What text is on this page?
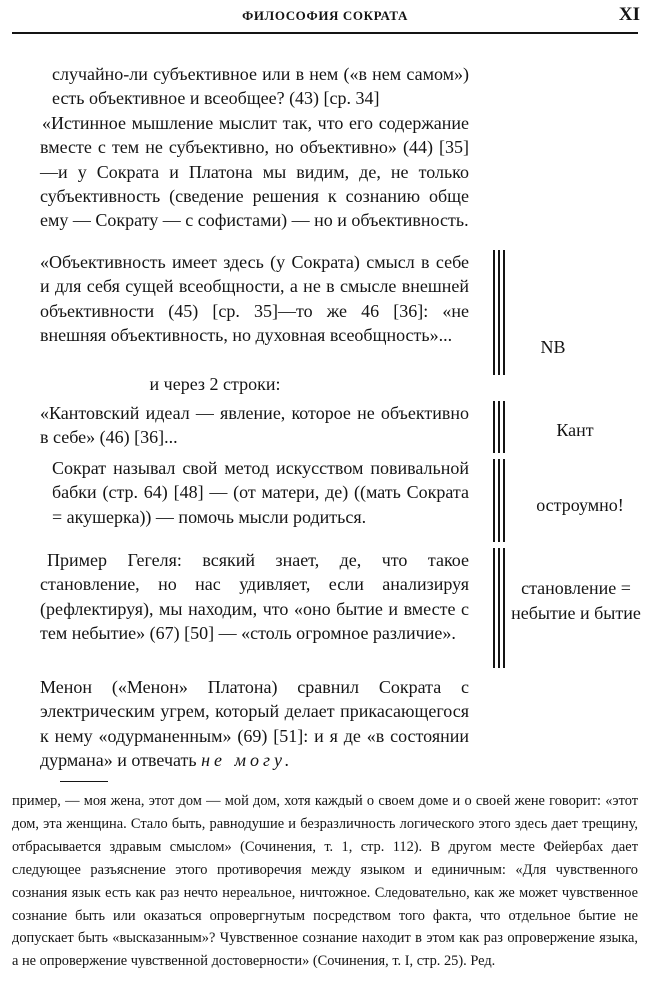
ФИЛОСОФИЯ СОКРАТА	XI

случайно-ли субъективное или в нем («в нем самом») есть объективное и всеобщее? (43) [ср. 34]

«Истинное мышление мыслит так, что его содержание вместе с тем не субъективно, но объективно» (44) [35] —и у Сократа и Платона мы видим, де, не только субъективность (сведение решения к сознанию обще ему — Сократу — с софистами) — но и объективность.

«Объективность имеет здесь (у Сократа) смысл в себе и для себя сущей всеобщности, а не в смысле внешней объективности (45) [ср. 35]—то же 46 [36]: «не внешняя объективность, но духовная всеобщность»...

и через 2 строки:

«Кантовский идеал — явление, которое не объективно в себе» (46) [36]...

Сократ называл свой метод искусством повивальной бабки (стр. 64) [48] — (от матери, де) ((мать Сократа = акушерка)) — помочь мысли родиться.

Пример Гегеля: всякий знает, де, что такое становление, но нас удивляет, если анализируя (рефлектируя), мы находим, что «оно бытие и вместе с тем небытие» (67) [50] — «столь огромное различие».

Менон («Менон» Платона) сравнил Сократа с электрическим угрем, который делает прикасающегося к нему «одурманенным» (69) [51]: и я де «в состоянии дурмана» и отвечать не могу.

NB
Кант
остроумно!
становление = небытие и бытие

пример, — моя жена, этот дом — мой дом, хотя каждый о своем доме и о своей жене говорит: «этот дом, эта женщина. Стало быть, равнодушие и безразличность логического этого здесь дает трещину, отбрасывается здравым смыслом» (Сочинения, т. 1, стр. 112). В другом месте Фейербах дает следующее разъяснение этого противоречия между языком и единичным: «Для чувственного сознания язык есть как раз нечто нереальное, ничтожное. Следовательно, как же может чувственное сознание быть или оказаться опровергнутым посредством того факта, что отдельное бытие не допускает быть «высказанным»? Чувственное сознание находит в этом как раз опровержение языка, а не опровержение чувственной достоверности» (Сочинения, т. I, стр. 25). Ред.
